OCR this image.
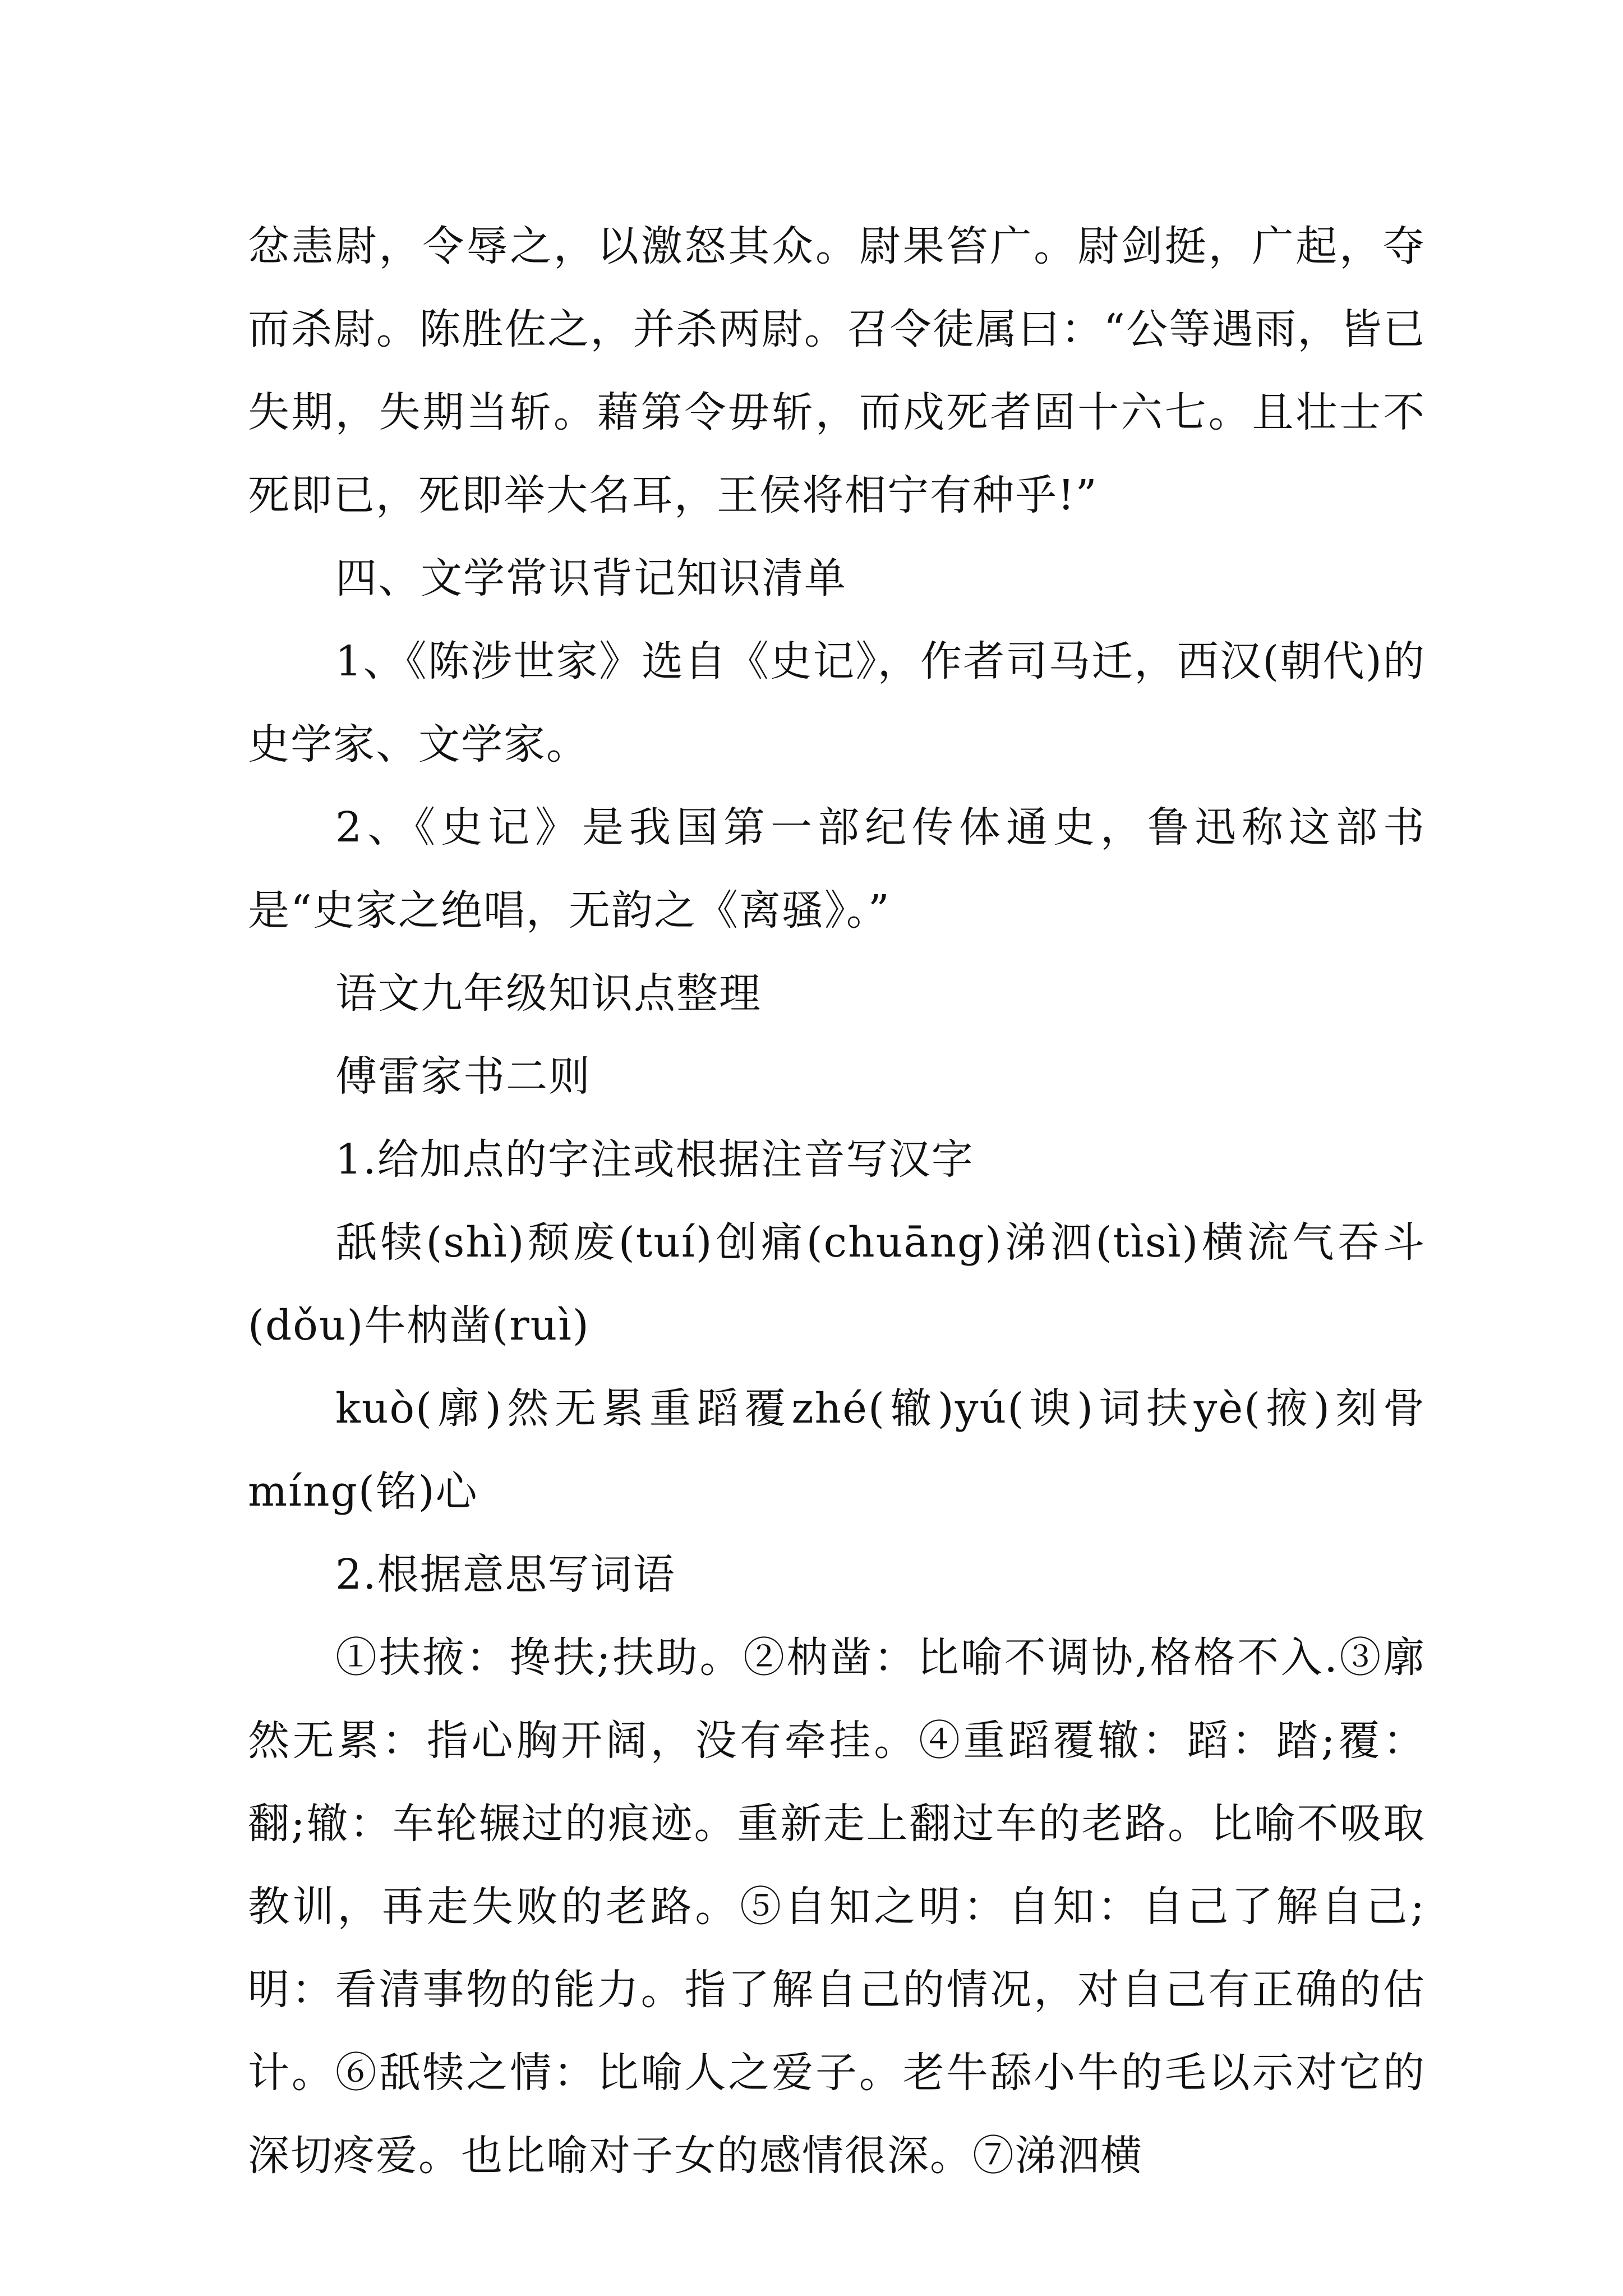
忿恚尉，令辱之，以激怒其众。尉果笞广。尉剑挺，广起，夺而杀尉。陈胜佐之，并杀两尉。召令徒属曰：“公等遇雨，皆已失期，失期当斩。藉第令毋斩，而戍死者固十六七。且壮士不死即已，死即举大名耳，王侯将相宁有种乎!”

四、文学常识背记知识清单

1、《陈涉世家》选自《史记》，作者司马迁，西汉(朝代)的史学家、文学家。

2、《史记》是我国第一部纪传体通史，鲁迅称这部书是“史家之绝唱，无韵之《离骚》。”

语文九年级知识点整理

傅雷家书二则

1.给加点的字注或根据注音写汉字

舐犊(shì)颓废(tuí)创痛(chuāng)涕泗(tìsì)横流气吞斗(dǒu)牛枘凿(ruì)

kuò(廓)然无累重蹈覆zhé(辙)yú(谀)词扶yè(掖)刻骨míng(铭)心

2.根据意思写词语

①扶掖：搀扶;扶助。②枘凿：比喻不调协,格格不入.③廓然无累：指心胸开阔，没有牵挂。④重蹈覆辙：蹈：踏;覆：翻;辙：车轮辗过的痕迹。重新走上翻过车的老路。比喻不吸取教训，再走失败的老路。⑤自知之明：自知：自己了解自己;明：看清事物的能力。指了解自己的情况，对自己有正确的估计。⑥舐犊之情：比喻人之爱子。老牛舔小牛的毛以示对它的深切疼爱。也比喻对子女的感情很深。⑦涕泗横
